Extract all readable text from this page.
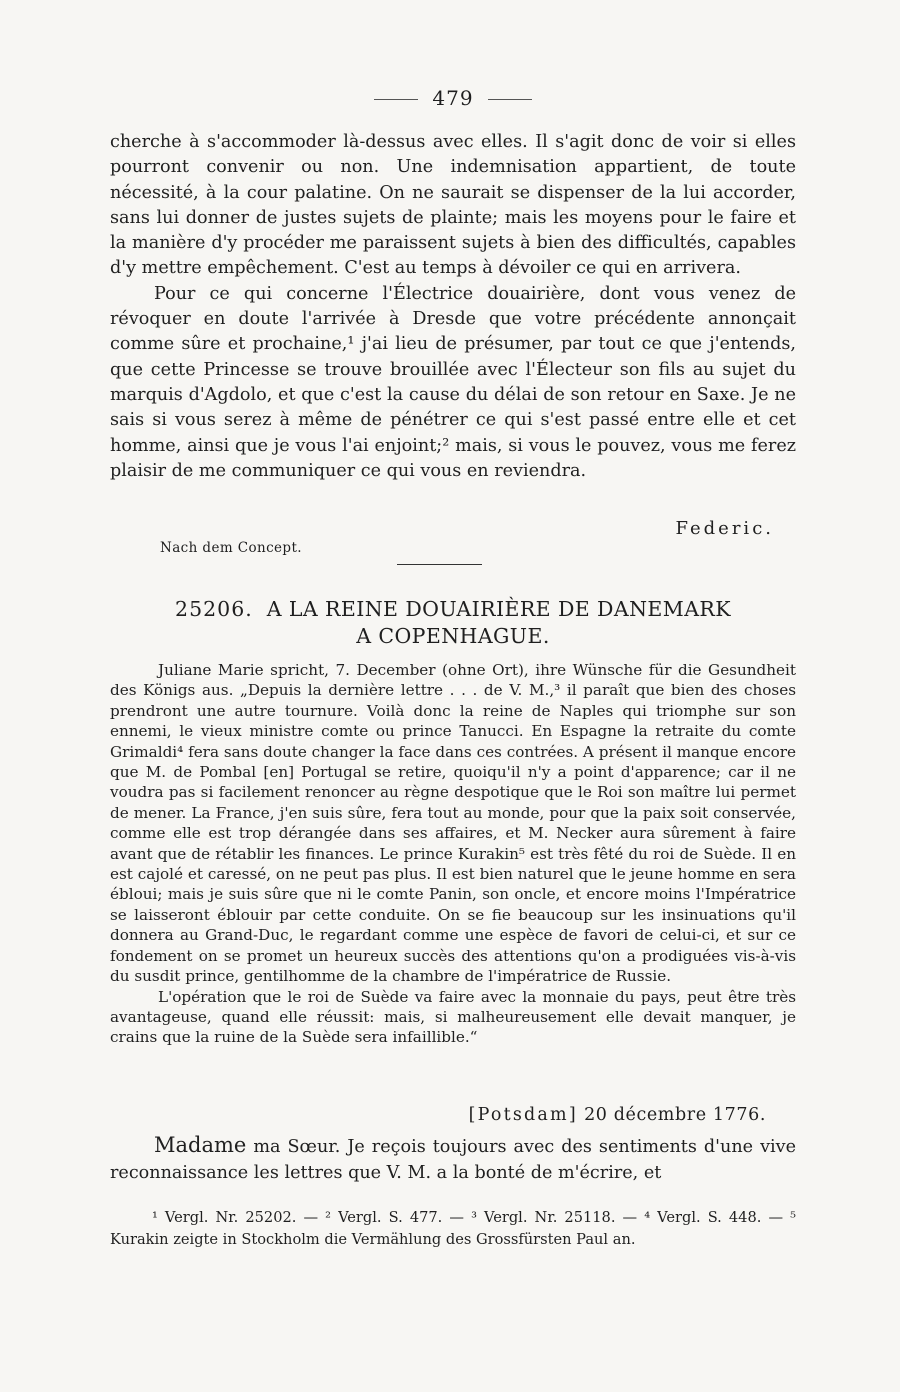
479

cherche à s'accommoder là-dessus avec elles. Il s'agit donc de voir si elles pourront convenir ou non. Une indemnisation appartient, de toute nécessité, à la cour palatine. On ne saurait se dispenser de la lui accorder, sans lui donner de justes sujets de plainte; mais les moyens pour le faire et la manière d'y procéder me paraissent sujets à bien des difficultés, capables d'y mettre empêchement. C'est au temps à dévoiler ce qui en arrivera.

Pour ce qui concerne l'Électrice douairière, dont vous venez de révoquer en doute l'arrivée à Dresde que votre précédente annonçait comme sûre et prochaine,¹ j'ai lieu de présumer, par tout ce que j'entends, que cette Princesse se trouve brouillée avec l'Électeur son fils au sujet du marquis d'Agdolo, et que c'est la cause du délai de son retour en Saxe. Je ne sais si vous serez à même de pénétrer ce qui s'est passé entre elle et cet homme, ainsi que je vous l'ai enjoint;² mais, si vous le pouvez, vous me ferez plaisir de me communiquer ce qui vous en reviendra.

Federic.
Nach dem Concept.
25206. A LA REINE DOUAIRIÈRE DE DANEMARK
A COPENHAGUE.

Juliane Marie spricht, 7. December (ohne Ort), ihre Wünsche für die Gesundheit des Königs aus. „Depuis la dernière lettre . . . de V. M.,³ il paraît que bien des choses prendront une autre tournure. Voilà donc la reine de Naples qui triomphe sur son ennemi, le vieux ministre comte ou prince Tanucci. En Espagne la retraite du comte Grimaldi⁴ fera sans doute changer la face dans ces contrées. A présent il manque encore que M. de Pombal [en] Portugal se retire, quoiqu'il n'y a point d'apparence; car il ne voudra pas si facilement renoncer au règne despotique que le Roi son maître lui permet de mener. La France, j'en suis sûre, fera tout au monde, pour que la paix soit conservée, comme elle est trop dérangée dans ses affaires, et M. Necker aura sûrement à faire avant que de rétablir les finances. Le prince Kurakin⁵ est très fêté du roi de Suède. Il en est cajolé et caressé, on ne peut pas plus. Il est bien naturel que le jeune homme en sera ébloui; mais je suis sûre que ni le comte Panin, son oncle, et encore moins l'Impératrice se laisseront éblouir par cette conduite. On se fie beaucoup sur les insinuations qu'il donnera au Grand-Duc, le regardant comme une espèce de favori de celui-ci, et sur ce fondement on se promet un heureux succès des attentions qu'on a prodiguées vis-à-vis du susdit prince, gentilhomme de la chambre de l'impératrice de Russie.

L'opération que le roi de Suède va faire avec la monnaie du pays, peut être très avantageuse, quand elle réussit: mais, si malheureusement elle devait manquer, je crains que la ruine de la Suède sera infaillible.“

[Potsdam] 20 décembre 1776.

Madame ma Sœur. Je reçois toujours avec des sentiments d'une vive reconnaissance les lettres que V. M. a la bonté de m'écrire, et

¹ Vergl. Nr. 25202. — ² Vergl. S. 477. — ³ Vergl. Nr. 25118. — ⁴ Vergl. S. 448. — ⁵ Kurakin zeigte in Stockholm die Vermählung des Grossfürsten Paul an.
